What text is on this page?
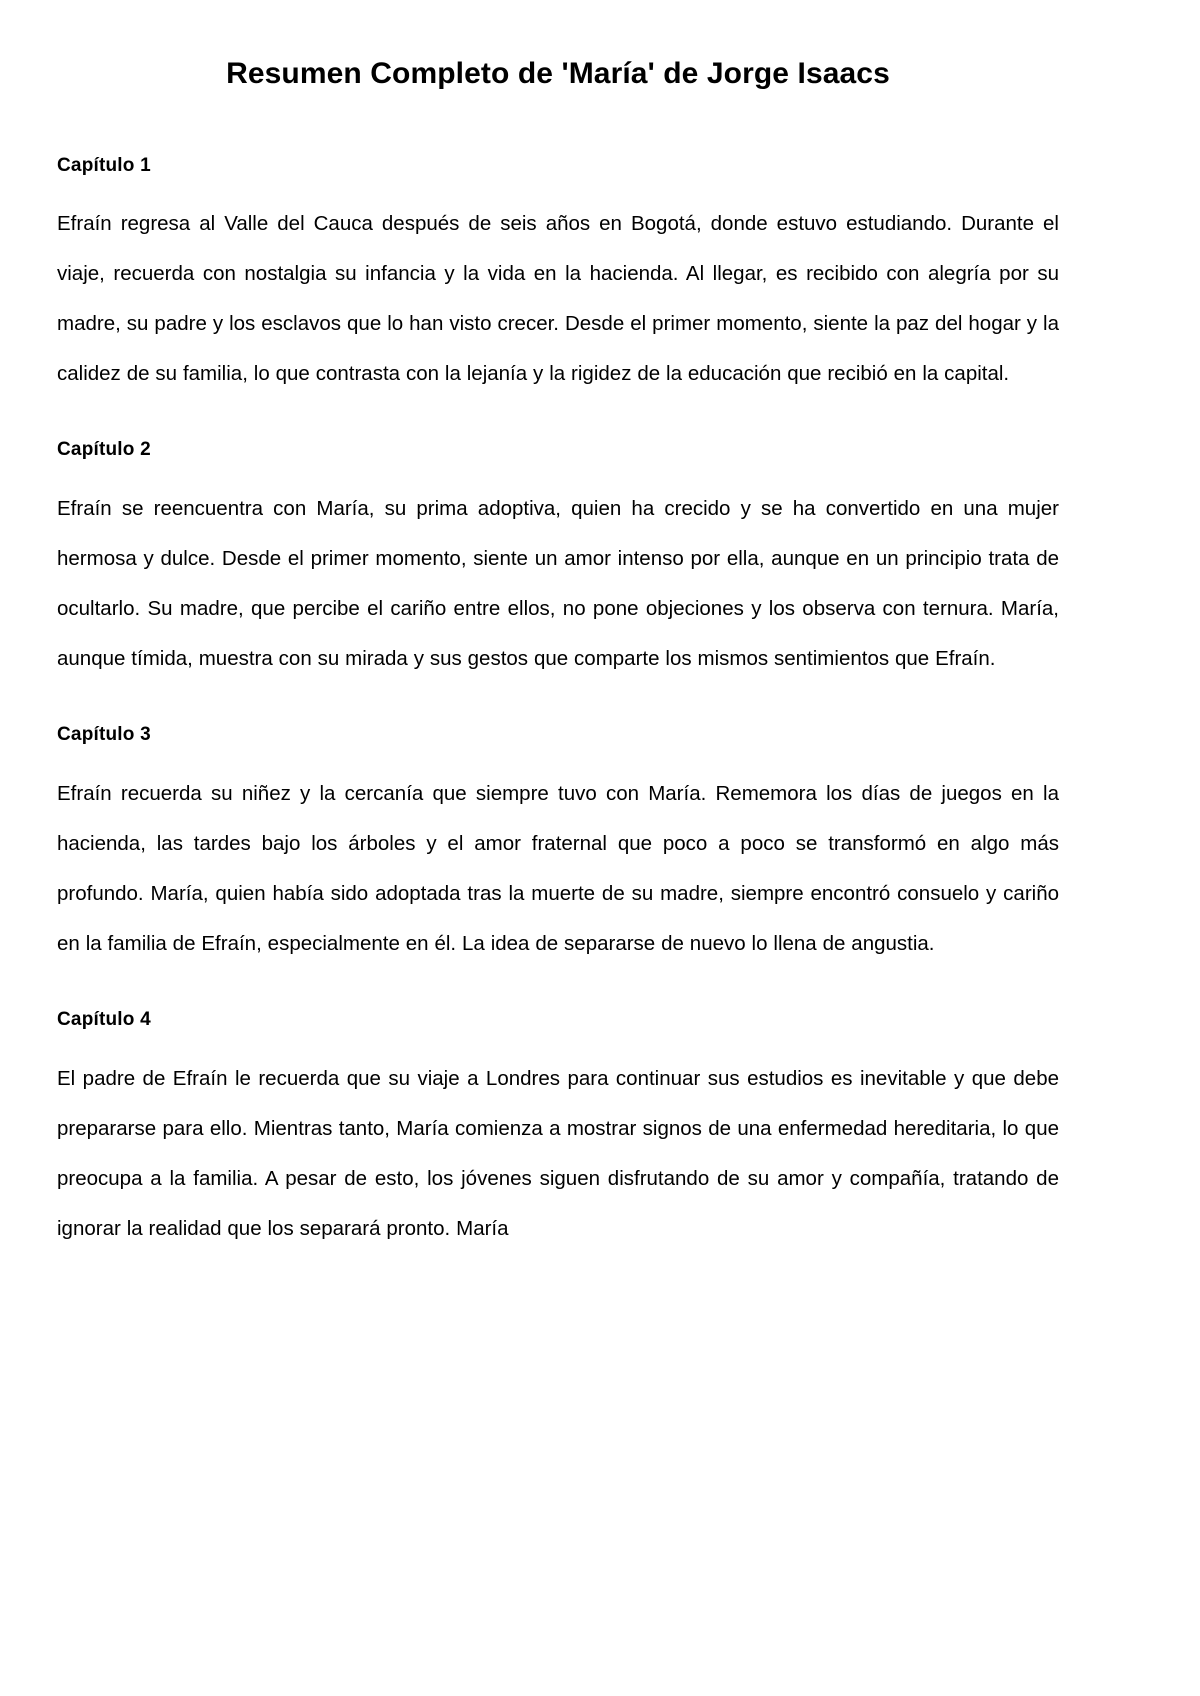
Resumen Completo de 'María' de Jorge Isaacs
Capítulo 1

Efraín regresa al Valle del Cauca después de seis años en Bogotá, donde estuvo estudiando. Durante el viaje, recuerda con nostalgia su infancia y la vida en la hacienda. Al llegar, es recibido con alegría por su madre, su padre y los esclavos que lo han visto crecer. Desde el primer momento, siente la paz del hogar y la calidez de su familia, lo que contrasta con la lejanía y la rigidez de la educación que recibió en la capital.

Capítulo 2

Efraín se reencuentra con María, su prima adoptiva, quien ha crecido y se ha convertido en una mujer hermosa y dulce. Desde el primer momento, siente un amor intenso por ella, aunque en un principio trata de ocultarlo. Su madre, que percibe el cariño entre ellos, no pone objeciones y los observa con ternura. María, aunque tímida, muestra con su mirada y sus gestos que comparte los mismos sentimientos que Efraín.

Capítulo 3

Efraín recuerda su niñez y la cercanía que siempre tuvo con María. Rememora los días de juegos en la hacienda, las tardes bajo los árboles y el amor fraternal que poco a poco se transformó en algo más profundo. María, quien había sido adoptada tras la muerte de su madre, siempre encontró consuelo y cariño en la familia de Efraín, especialmente en él. La idea de separarse de nuevo lo llena de angustia.

Capítulo 4

El padre de Efraín le recuerda que su viaje a Londres para continuar sus estudios es inevitable y que debe prepararse para ello. Mientras tanto, María comienza a mostrar signos de una enfermedad hereditaria, lo que preocupa a la familia. A pesar de esto, los jóvenes siguen disfrutando de su amor y compañía, tratando de ignorar la realidad que los separará pronto. María
